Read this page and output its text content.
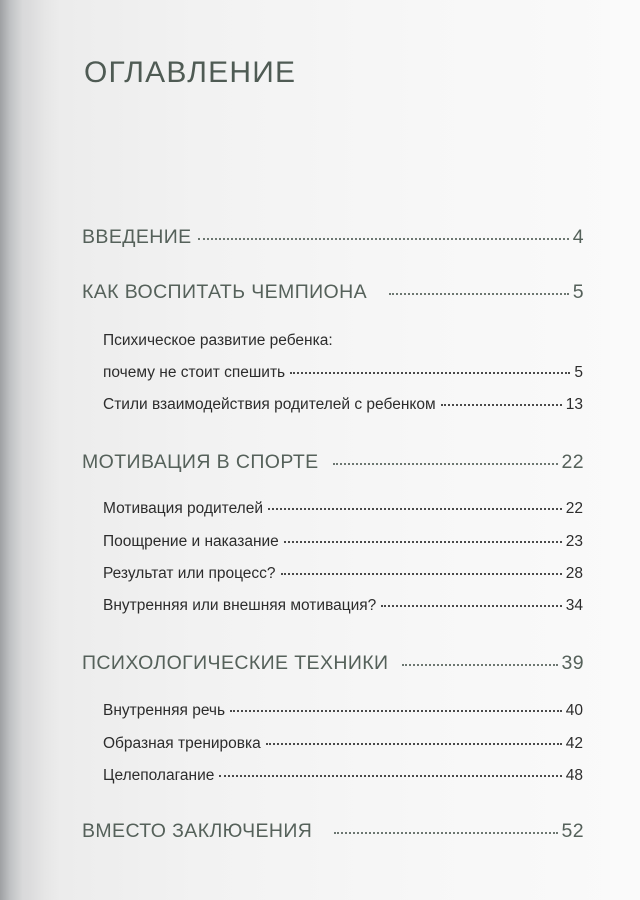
ОГЛАВЛЕНИЕ
ВВЕДЕНИЕ	4
КАК ВОСПИТАТЬ ЧЕМПИОНА	5
Психическое развитие ребенка:
почему не стоит спешить	5
Стили взаимодействия родителей с ребенком	13
МОТИВАЦИЯ В СПОРТЕ	22
Мотивация родителей	22
Поощрение и наказание	23
Результат или процесс?	28
Внутренняя или внешняя мотивация?	34
ПСИХОЛОГИЧЕСКИЕ ТЕХНИКИ	39
Внутренняя речь	40
Образная тренировка	42
Целеполагание	48
ВМЕСТО ЗАКЛЮЧЕНИЯ	52
